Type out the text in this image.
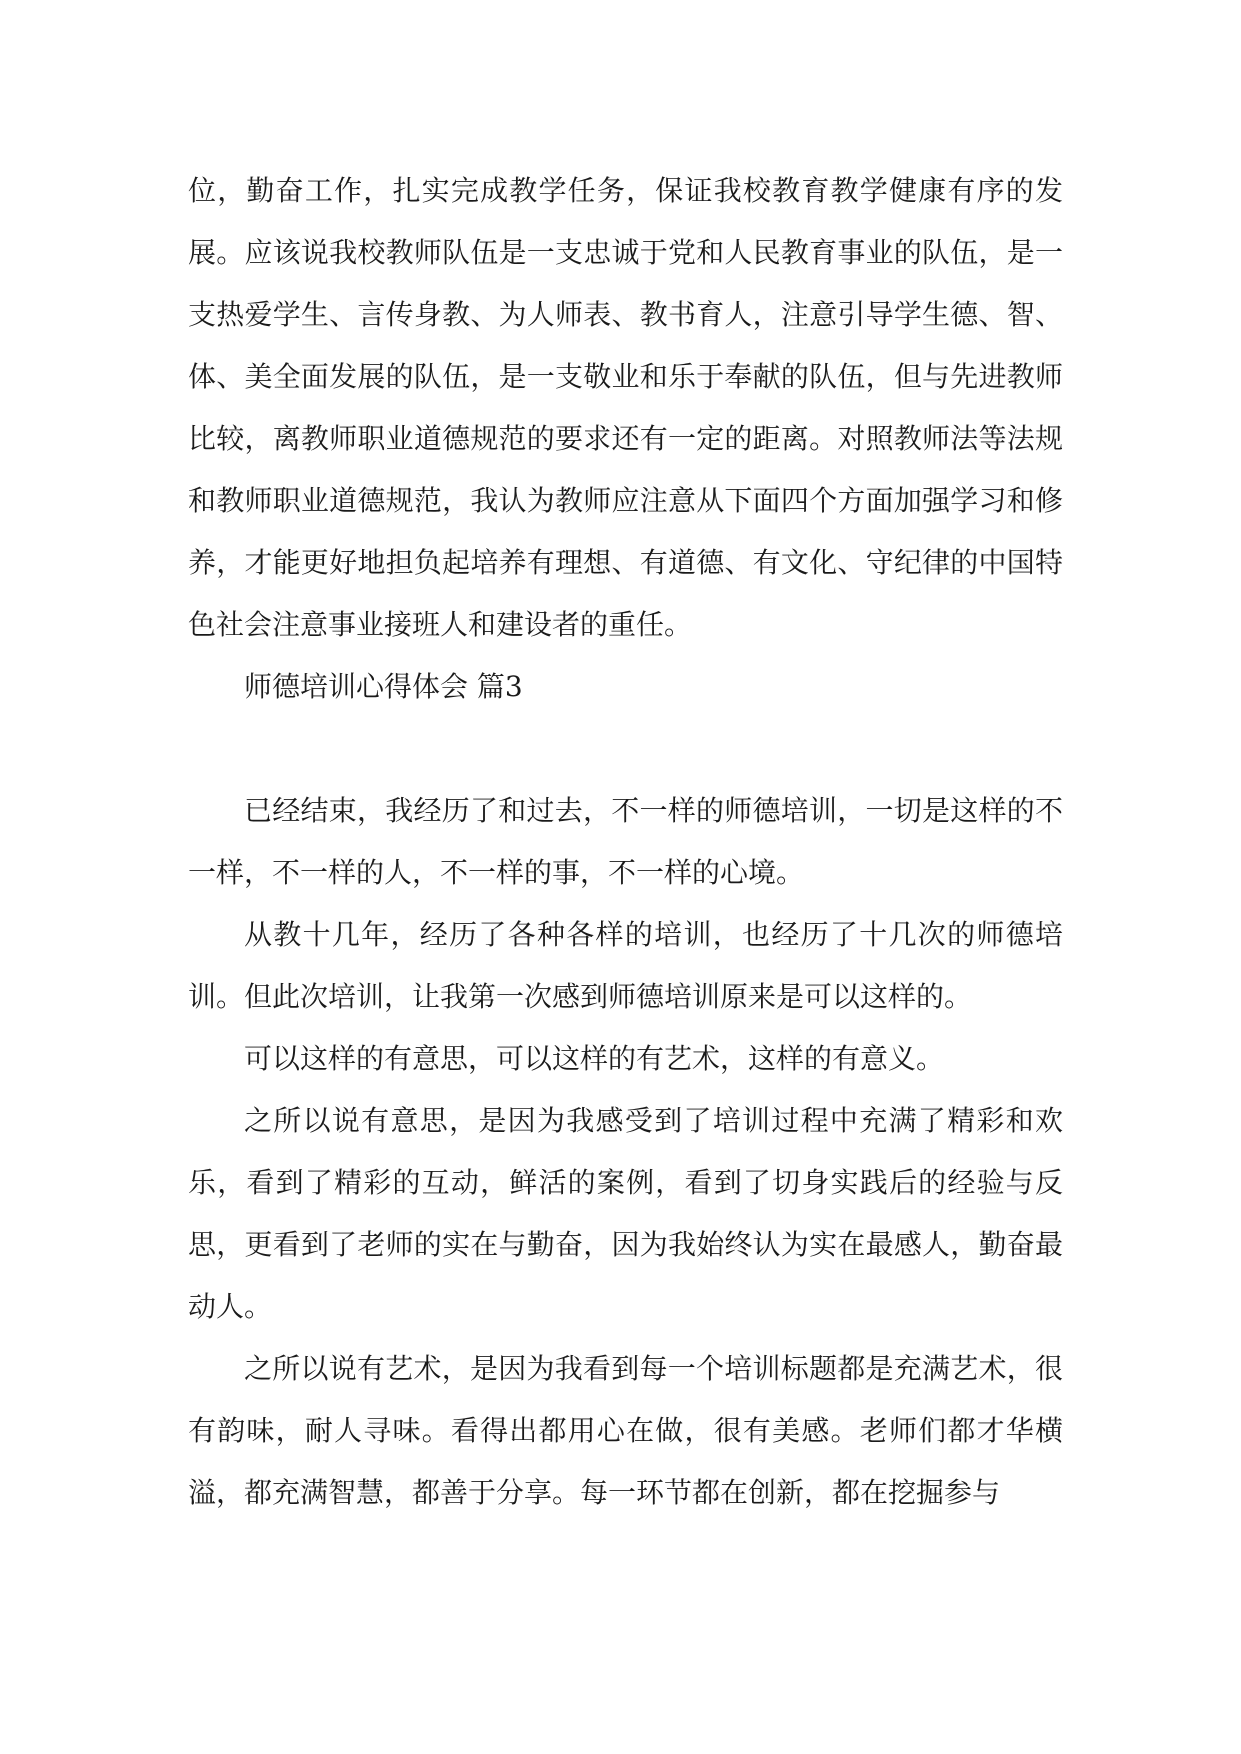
位，勤奋工作，扎实完成教学任务，保证我校教育教学健康有序的发展。应该说我校教师队伍是一支忠诚于党和人民教育事业的队伍，是一支热爱学生、言传身教、为人师表、教书育人，注意引导学生德、智、体、美全面发展的队伍，是一支敬业和乐于奉献的队伍，但与先进教师比较，离教师职业道德规范的要求还有一定的距离。对照教师法等法规和教师职业道德规范，我认为教师应注意从下面四个方面加强学习和修养，才能更好地担负起培养有理想、有道德、有文化、守纪律的中国特色社会注意事业接班人和建设者的重任。

师德培训心得体会 篇3

已经结束，我经历了和过去，不一样的师德培训，一切是这样的不一样，不一样的人，不一样的事，不一样的心境。

从教十几年，经历了各种各样的培训，也经历了十几次的师德培训。但此次培训，让我第一次感到师德培训原来是可以这样的。

可以这样的有意思，可以这样的有艺术，这样的有意义。

之所以说有意思，是因为我感受到了培训过程中充满了精彩和欢乐，看到了精彩的互动，鲜活的案例，看到了切身实践后的经验与反思，更看到了老师的实在与勤奋，因为我始终认为实在最感人，勤奋最动人。

之所以说有艺术，是因为我看到每一个培训标题都是充满艺术，很有韵味，耐人寻味。看得出都用心在做，很有美感。老师们都才华横溢，都充满智慧，都善于分享。每一环节都在创新，都在挖掘参与
